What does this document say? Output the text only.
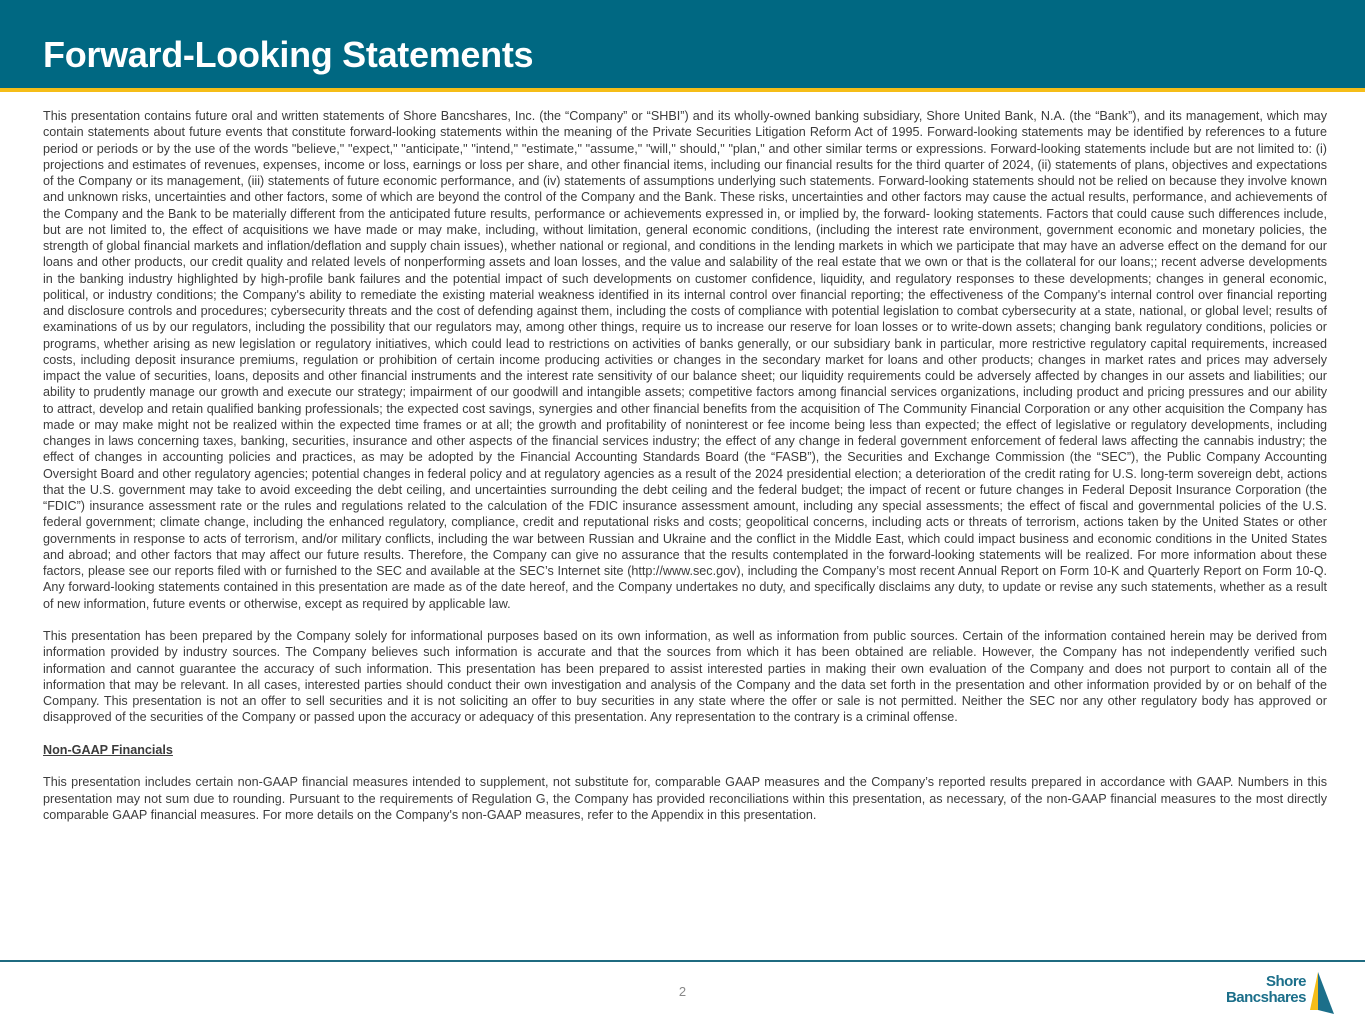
Forward-Looking Statements

This presentation contains future oral and written statements of Shore Bancshares, Inc. (the “Company” or “SHBI”) and its wholly-owned banking subsidiary, Shore United Bank, N.A. (the “Bank”), and its management, which may contain statements about future events that constitute forward-looking statements within the meaning of the Private Securities Litigation Reform Act of 1995. Forward-looking statements may be identified by references to a future period or periods or by the use of the words "believe," "expect," "anticipate," "intend," "estimate," "assume," "will," should," "plan," and other similar terms or expressions. Forward-looking statements include but are not limited to: (i) projections and estimates of revenues, expenses, income or loss, earnings or loss per share, and other financial items, including our financial results for the third quarter of 2024, (ii) statements of plans, objectives and expectations of the Company or its management, (iii) statements of future economic performance, and (iv) statements of assumptions underlying such statements. Forward-looking statements should not be relied on because they involve known and unknown risks, uncertainties and other factors, some of which are beyond the control of the Company and the Bank. These risks, uncertainties and other factors may cause the actual results, performance, and achievements of the Company and the Bank to be materially different from the anticipated future results, performance or achievements expressed in, or implied by, the forward- looking statements. Factors that could cause such differences include, but are not limited to, the effect of acquisitions we have made or may make, including, without limitation, general economic conditions, (including the interest rate environment, government economic and monetary policies, the strength of global financial markets and inflation/deflation and supply chain issues), whether national or regional, and conditions in the lending markets in which we participate that may have an adverse effect on the demand for our loans and other products, our credit quality and related levels of nonperforming assets and loan losses, and the value and salability of the real estate that we own or that is the collateral for our loans;; recent adverse developments in the banking industry highlighted by high-profile bank failures and the potential impact of such developments on customer confidence, liquidity, and regulatory responses to these developments; changes in general economic, political, or industry conditions; the Company's ability to remediate the existing material weakness identified in its internal control over financial reporting; the effectiveness of the Company's internal control over financial reporting and disclosure controls and procedures; cybersecurity threats and the cost of defending against them, including the costs of compliance with potential legislation to combat cybersecurity at a state, national, or global level; results of examinations of us by our regulators, including the possibility that our regulators may, among other things, require us to increase our reserve for loan losses or to write-down assets; changing bank regulatory conditions, policies or programs, whether arising as new legislation or regulatory initiatives, which could lead to restrictions on activities of banks generally, or our subsidiary bank in particular, more restrictive regulatory capital requirements, increased costs, including deposit insurance premiums, regulation or prohibition of certain income producing activities or changes in the secondary market for loans and other products; changes in market rates and prices may adversely impact the value of securities, loans, deposits and other financial instruments and the interest rate sensitivity of our balance sheet; our liquidity requirements could be adversely affected by changes in our assets and liabilities; our ability to prudently manage our growth and execute our strategy; impairment of our goodwill and intangible assets; competitive factors among financial services organizations, including product and pricing pressures and our ability to attract, develop and retain qualified banking professionals; the expected cost savings, synergies and other financial benefits from the acquisition of The Community Financial Corporation or any other acquisition the Company has made or may make might not be realized within the expected time frames or at all; the growth and profitability of noninterest or fee income being less than expected; the effect of legislative or regulatory developments, including changes in laws concerning taxes, banking, securities, insurance and other aspects of the financial services industry; the effect of any change in federal government enforcement of federal laws affecting the cannabis industry; the effect of changes in accounting policies and practices, as may be adopted by the Financial Accounting Standards Board (the “FASB”), the Securities and Exchange Commission (the “SEC”), the Public Company Accounting Oversight Board and other regulatory agencies; potential changes in federal policy and at regulatory agencies as a result of the 2024 presidential election; a deterioration of the credit rating for U.S. long-term sovereign debt, actions that the U.S. government may take to avoid exceeding the debt ceiling, and uncertainties surrounding the debt ceiling and the federal budget; the impact of recent or future changes in Federal Deposit Insurance Corporation (the “FDIC”) insurance assessment rate or the rules and regulations related to the calculation of the FDIC insurance assessment amount, including any special assessments; the effect of fiscal and governmental policies of the U.S. federal government; climate change, including the enhanced regulatory, compliance, credit and reputational risks and costs; geopolitical concerns, including acts or threats of terrorism, actions taken by the United States or other governments in response to acts of terrorism, and/or military conflicts, including the war between Russian and Ukraine and the conflict in the Middle East, which could impact business and economic conditions in the United States and abroad; and other factors that may affect our future results. Therefore, the Company can give no assurance that the results contemplated in the forward-looking statements will be realized. For more information about these factors, please see our reports filed with or furnished to the SEC and available at the SEC’s Internet site (http://www.sec.gov), including the Company’s most recent Annual Report on Form 10-K and Quarterly Report on Form 10-Q. Any forward-looking statements contained in this presentation are made as of the date hereof, and the Company undertakes no duty, and specifically disclaims any duty, to update or revise any such statements, whether as a result of new information, future events or otherwise, except as required by applicable law.

This presentation has been prepared by the Company solely for informational purposes based on its own information, as well as information from public sources. Certain of the information contained herein may be derived from information provided by industry sources. The Company believes such information is accurate and that the sources from which it has been obtained are reliable. However, the Company has not independently verified such information and cannot guarantee the accuracy of such information. This presentation has been prepared to assist interested parties in making their own evaluation of the Company and does not purport to contain all of the information that may be relevant. In all cases, interested parties should conduct their own investigation and analysis of the Company and the data set forth in the presentation and other information provided by or on behalf of the Company. This presentation is not an offer to sell securities and it is not soliciting an offer to buy securities in any state where the offer or sale is not permitted. Neither the SEC nor any other regulatory body has approved or disapproved of the securities of the Company or passed upon the accuracy or adequacy of this presentation. Any representation to the contrary is a criminal offense.

Non-GAAP Financials

This presentation includes certain non-GAAP financial measures intended to supplement, not substitute for, comparable GAAP measures and the Company’s reported results prepared in accordance with GAAP. Numbers in this presentation may not sum due to rounding. Pursuant to the requirements of Regulation G, the Company has provided reconciliations within this presentation, as necessary, of the non-GAAP financial measures to the most directly comparable GAAP financial measures. For more details on the Company's non-GAAP measures, refer to the Appendix in this presentation.

2
Shore
Bancshares
